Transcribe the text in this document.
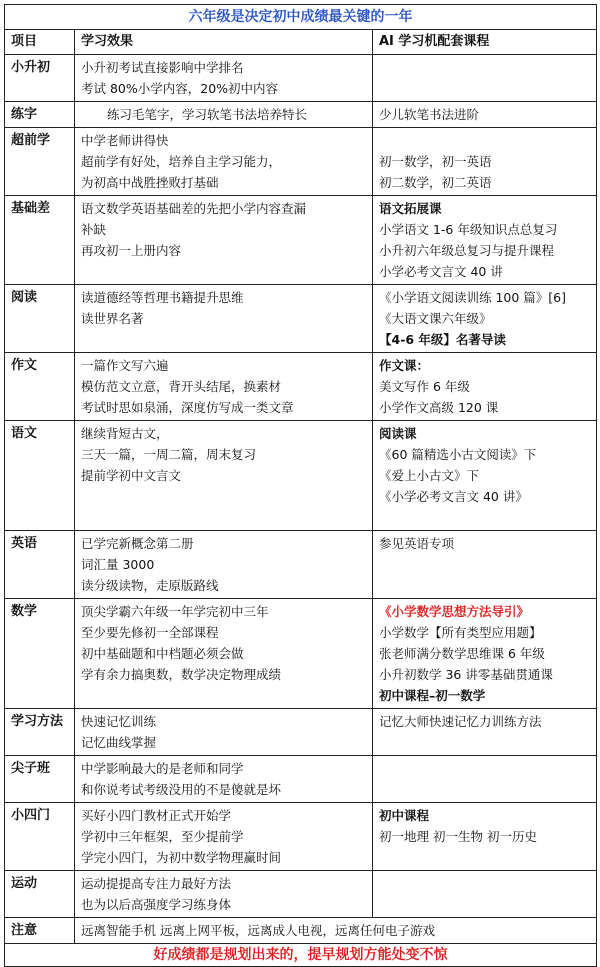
六年级是决定初中成绩最关键的一年		
项目	学习效果	AI 学习机配套课程
小升初	小升初考试直接影响中学排名
考试 80%小学内容，20%初中内容	

练字	练习毛笔字，学习软笔书法培养特长	少儿软笔书法进阶

超前学	中学老师讲得快
超前学有好处，培养自主学习能力，
为初高中战胜挫败打基础	初一数学，初一英语
初二数学，初二英语

基础差	语文数学英语基础差的先把小学内容查漏
补缺
再攻初一上册内容	语文拓展课
小学语文 1-6 年级知识点总复习
小升初六年级总复习与提升课程
小学必考文言文 40 讲

阅读	读道德经等哲理书籍提升思维
读世界名著	《小学语文阅读训练 100 篇》[6]
《大语文课六年级》
【4-6 年级】名著导读

作文	一篇作文写六遍
模仿范文立意，背开头结尾，换素材
考试时思如泉涌，深度仿写成一类文章	作文课：
美文写作 6 年级
小学作文高级 120 课

语文	继续背短古文，
三天一篇，一周二篇，周末复习
提前学初中文言文	阅读课
《60 篇精选小古文阅读》下
《爱上小古文》下
《小学必考文言文 40 讲》

英语	已学完新概念第二册
词汇量 3000
读分级读物，走原版路线	参见英语专项

数学	顶尖学霸六年级一年学完初中三年
至少要先修初一全部课程
初中基础题和中档题必须会做
学有余力搞奥数，数学决定物理成绩	《小学数学思想方法导引》
小学数学【所有类型应用题】
张老师满分数学思维课 6 年级
小升初数学 36 讲零基础贯通课
初中课程–初一数学

学习方法	快速记忆训练
记忆曲线掌握	记忆大师快速记忆力训练方法

尖子班	中学影响最大的是老师和同学
和你说考试考级没用的不是傻就是坏	

小四门	买好小四门教材正式开始学
学初中三年框架，至少提前学
学完小四门，为初中数学物理赢时间	初中课程
初一地理 初一生物 初一历史

运动	运动提提高专注力最好方法
也为以后高强度学习练身体	

注意	远离智能手机 远离上网平板，远离成人电视，远离任何电子游戏	

好成绩都是规划出来的，提早规划方能处变不惊		
